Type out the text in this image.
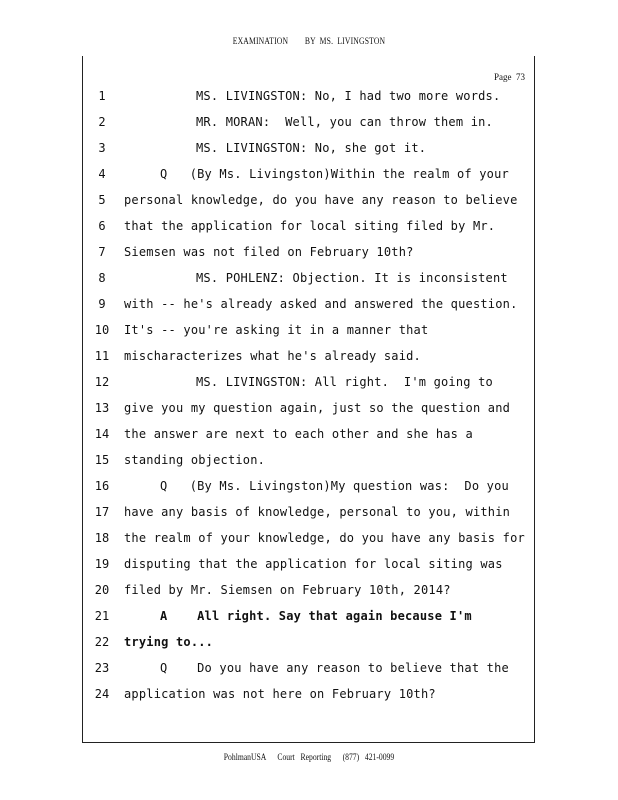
EXAMINATION        BY  MS.  LIVINGSTON
Page  73
1	MS. LIVINGSTON: No, I had two more words.
2	MR. MORAN:  Well, you can throw them in.
3	MS. LIVINGSTON: No, she got it.
4	Q   (By Ms. Livingston)Within the realm of your
5	personal knowledge, do you have any reason to believe
6	that the application for local siting filed by Mr.
7	Siemsen was not filed on February 10th?
8	MS. POHLENZ: Objection. It is inconsistent
9	with -- he's already asked and answered the question.
10 It's -- you're asking it in a manner that
11 mischaracterizes what he's already said.
12	MS. LIVINGSTON: All right.  I'm going to
13 give you my question again, just so the question and
14 the answer are next to each other and she has a
15 standing objection.
16	Q   (By Ms. Livingston)My question was:  Do you
17 have any basis of knowledge, personal to you, within
18 the realm of your knowledge, do you have any basis for
19 disputing that the application for local siting was
20 filed by Mr. Siemsen on February 10th, 2014?
21	A    All right. Say that again because I'm
22 trying to...
23	Q    Do you have any reason to believe that the
24 application was not here on February 10th?
PohlmanUSA      Court   Reporting      (877)   421-0099
